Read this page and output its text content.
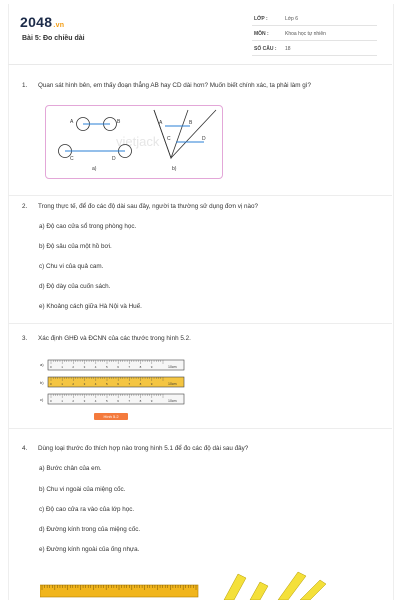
2048.vn
Bài 5: Đo chiều dài
LỚP :	Lớp 6
MÔN :	Khoa học tự nhiên
SỐ CÂU : 18
1. Quan sát hình bên, em thấy đoạn thẳng AB hay CD dài hơn? Muốn biết chính xác, ta phải làm gì?
vietjack
A	B
C	D
a)
A	B
C	D
b)
2. Trong thực tế, để đo các độ dài sau đây, người ta thường sử dụng đơn vị nào?
a) Độ cao cửa sổ trong phòng học.
b) Độ sâu của một hồ bơi.
c) Chu vi của quả cam.
d) Độ dày của cuốn sách.
e) Khoảng cách giữa Hà Nội và Huế.
3. Xác định GHĐ và ĐCNN của các thước trong hình 5.2.
a)
b)
c)
0	1	2	3	4	5	6	7	8	9
0	1	2	3	4	5	6	7	8	9
0	1	2	3	4	5	6	7	8	9
10cm
10cm
10cm
Hình 5.2
4. Dùng loại thước đo thích hợp nào trong hình 5.1 để đo các độ dài sau đây?
a) Bước chân của em.
b) Chu vi ngoài của miệng cốc.
c) Độ cao cửa ra vào của lớp học.
d) Đường kính trong của miệng cốc.
e) Đường kính ngoài của ống nhựa.
